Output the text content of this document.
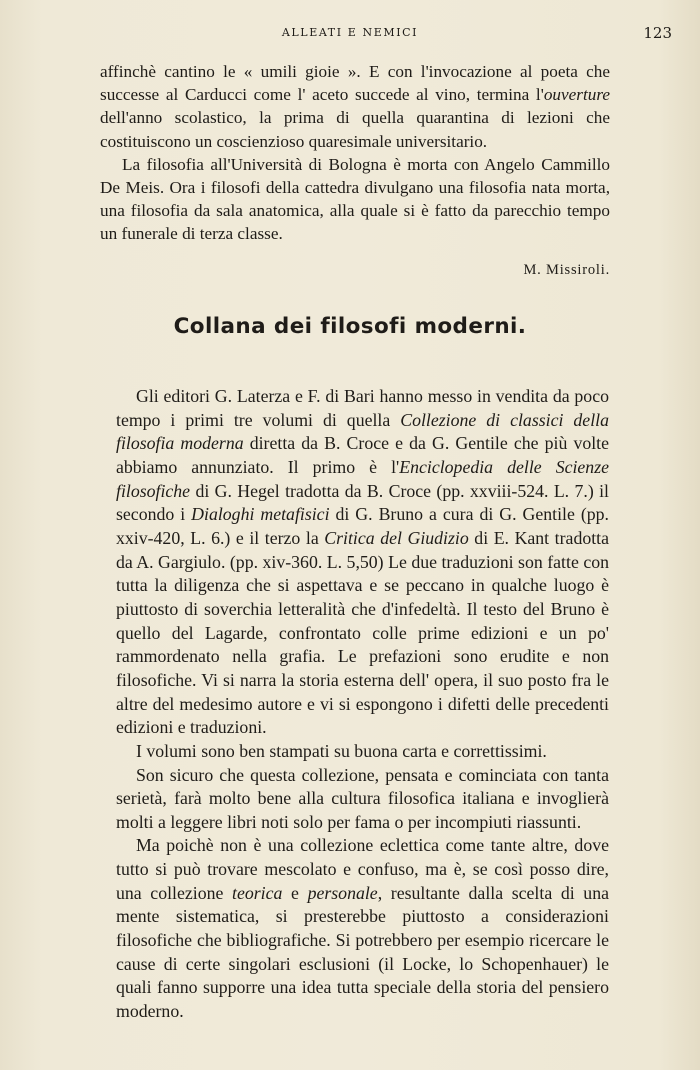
ALLEATI E NEMICI	123

affinchè cantino le « umili gioie ». E con l'invocazione al poeta che successe al Carducci come l' aceto succede al vino, termina l'ouverture dell'anno scolastico, la prima di quella quarantina di lezioni che costituiscono un coscienzioso quaresimale universitario.

La filosofia all'Università di Bologna è morta con Angelo Cammillo De Meis. Ora i filosofi della cattedra divulgano una filosofia nata morta, una filosofia da sala anatomica, alla quale si è fatto da parecchio tempo un funerale di terza classe.

M. Missiroli.
Collana dei filosofi moderni.

Gli editori G. Laterza e F. di Bari hanno messo in vendita da poco tempo i primi tre volumi di quella Collezione di classici della filosofia moderna diretta da B. Croce e da G. Gentile che più volte abbiamo annunziato. Il primo è l'Enciclopedia delle Scienze filosofiche di G. Hegel tradotta da B. Croce (pp. xxviii-524. L. 7.) il secondo i Dialoghi metafisici di G. Bruno a cura di G. Gentile (pp. xxiv-420, L. 6.) e il terzo la Critica del Giudizio di E. Kant tradotta da A. Gargiulo. (pp. xiv-360. L. 5,50) Le due traduzioni son fatte con tutta la diligenza che si aspettava e se peccano in qualche luogo è piuttosto di soverchia letteralità che d'infedeltà. Il testo del Bruno è quello del Lagarde, confrontato colle prime edizioni e un po' rammordenato nella grafia. Le prefazioni sono erudite e non filosofiche. Vi si narra la storia esterna dell' opera, il suo posto fra le altre del medesimo autore e vi si espongono i difetti delle precedenti edizioni e traduzioni.

I volumi sono ben stampati su buona carta e correttissimi.

Son sicuro che questa collezione, pensata e cominciata con tanta serietà, farà molto bene alla cultura filosofica italiana e invoglierà molti a leggere libri noti solo per fama o per incompiuti riassunti.

Ma poichè non è una collezione eclettica come tante altre, dove tutto si può trovare mescolato e confuso, ma è, se così posso dire, una collezione teorica e personale, resultante dalla scelta di una mente sistematica, si presterebbe piuttosto a considerazioni filosofiche che bibliografiche. Si potrebbero per esempio ricercare le cause di certe singolari esclusioni (il Locke, lo Schopenhauer) le quali fanno supporre una idea tutta speciale della storia del pensiero moderno.
